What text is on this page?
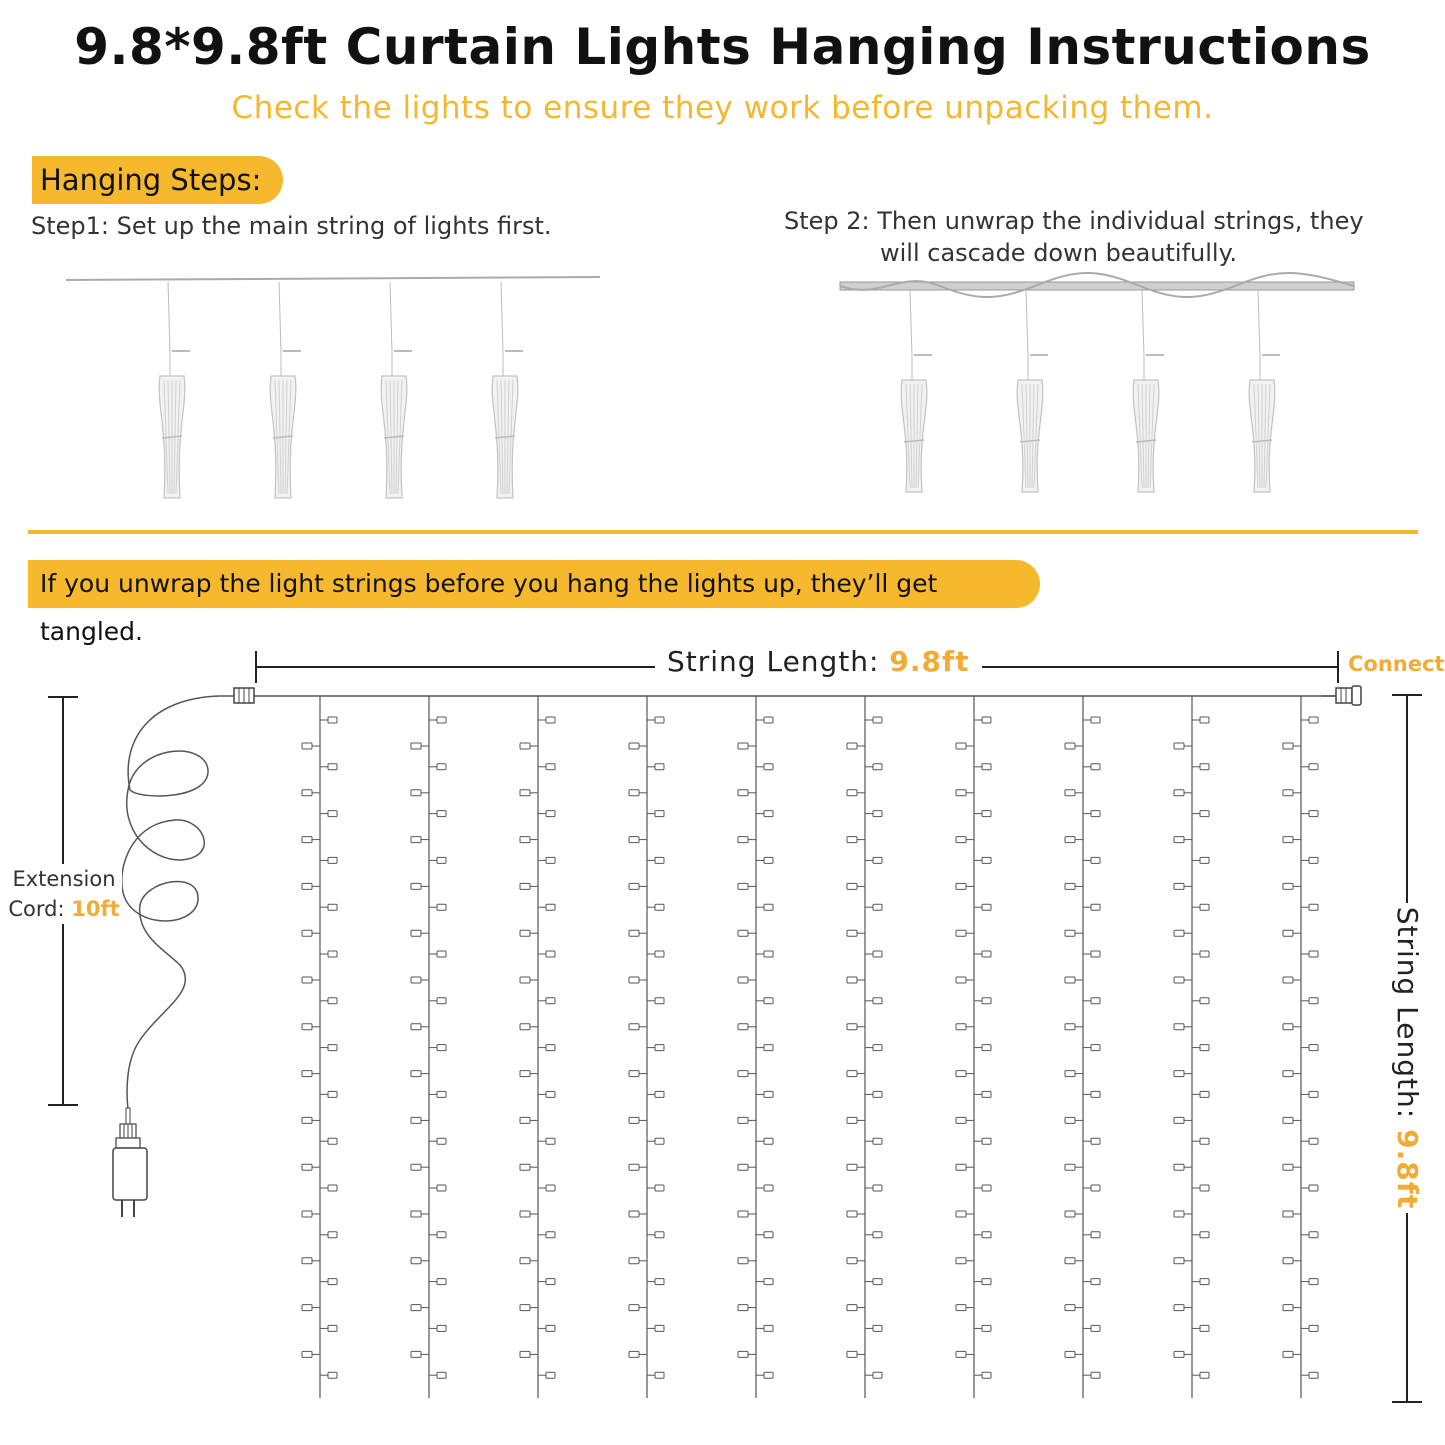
9.8*9.8ft Curtain Lights Hanging Instructions
Check the lights to ensure they work before unpacking them.
Hanging Steps:
Step1: Set up the main string of lights first.	Step 2: Then unwrap the individual strings, they
will cascade down beautifully.
If you unwrap the light strings before you hang the lights up, they’ll get tangled.
String Length: 9.8ft	Connect
Extension
Cord: 10ft	String Length: 9.8ft
